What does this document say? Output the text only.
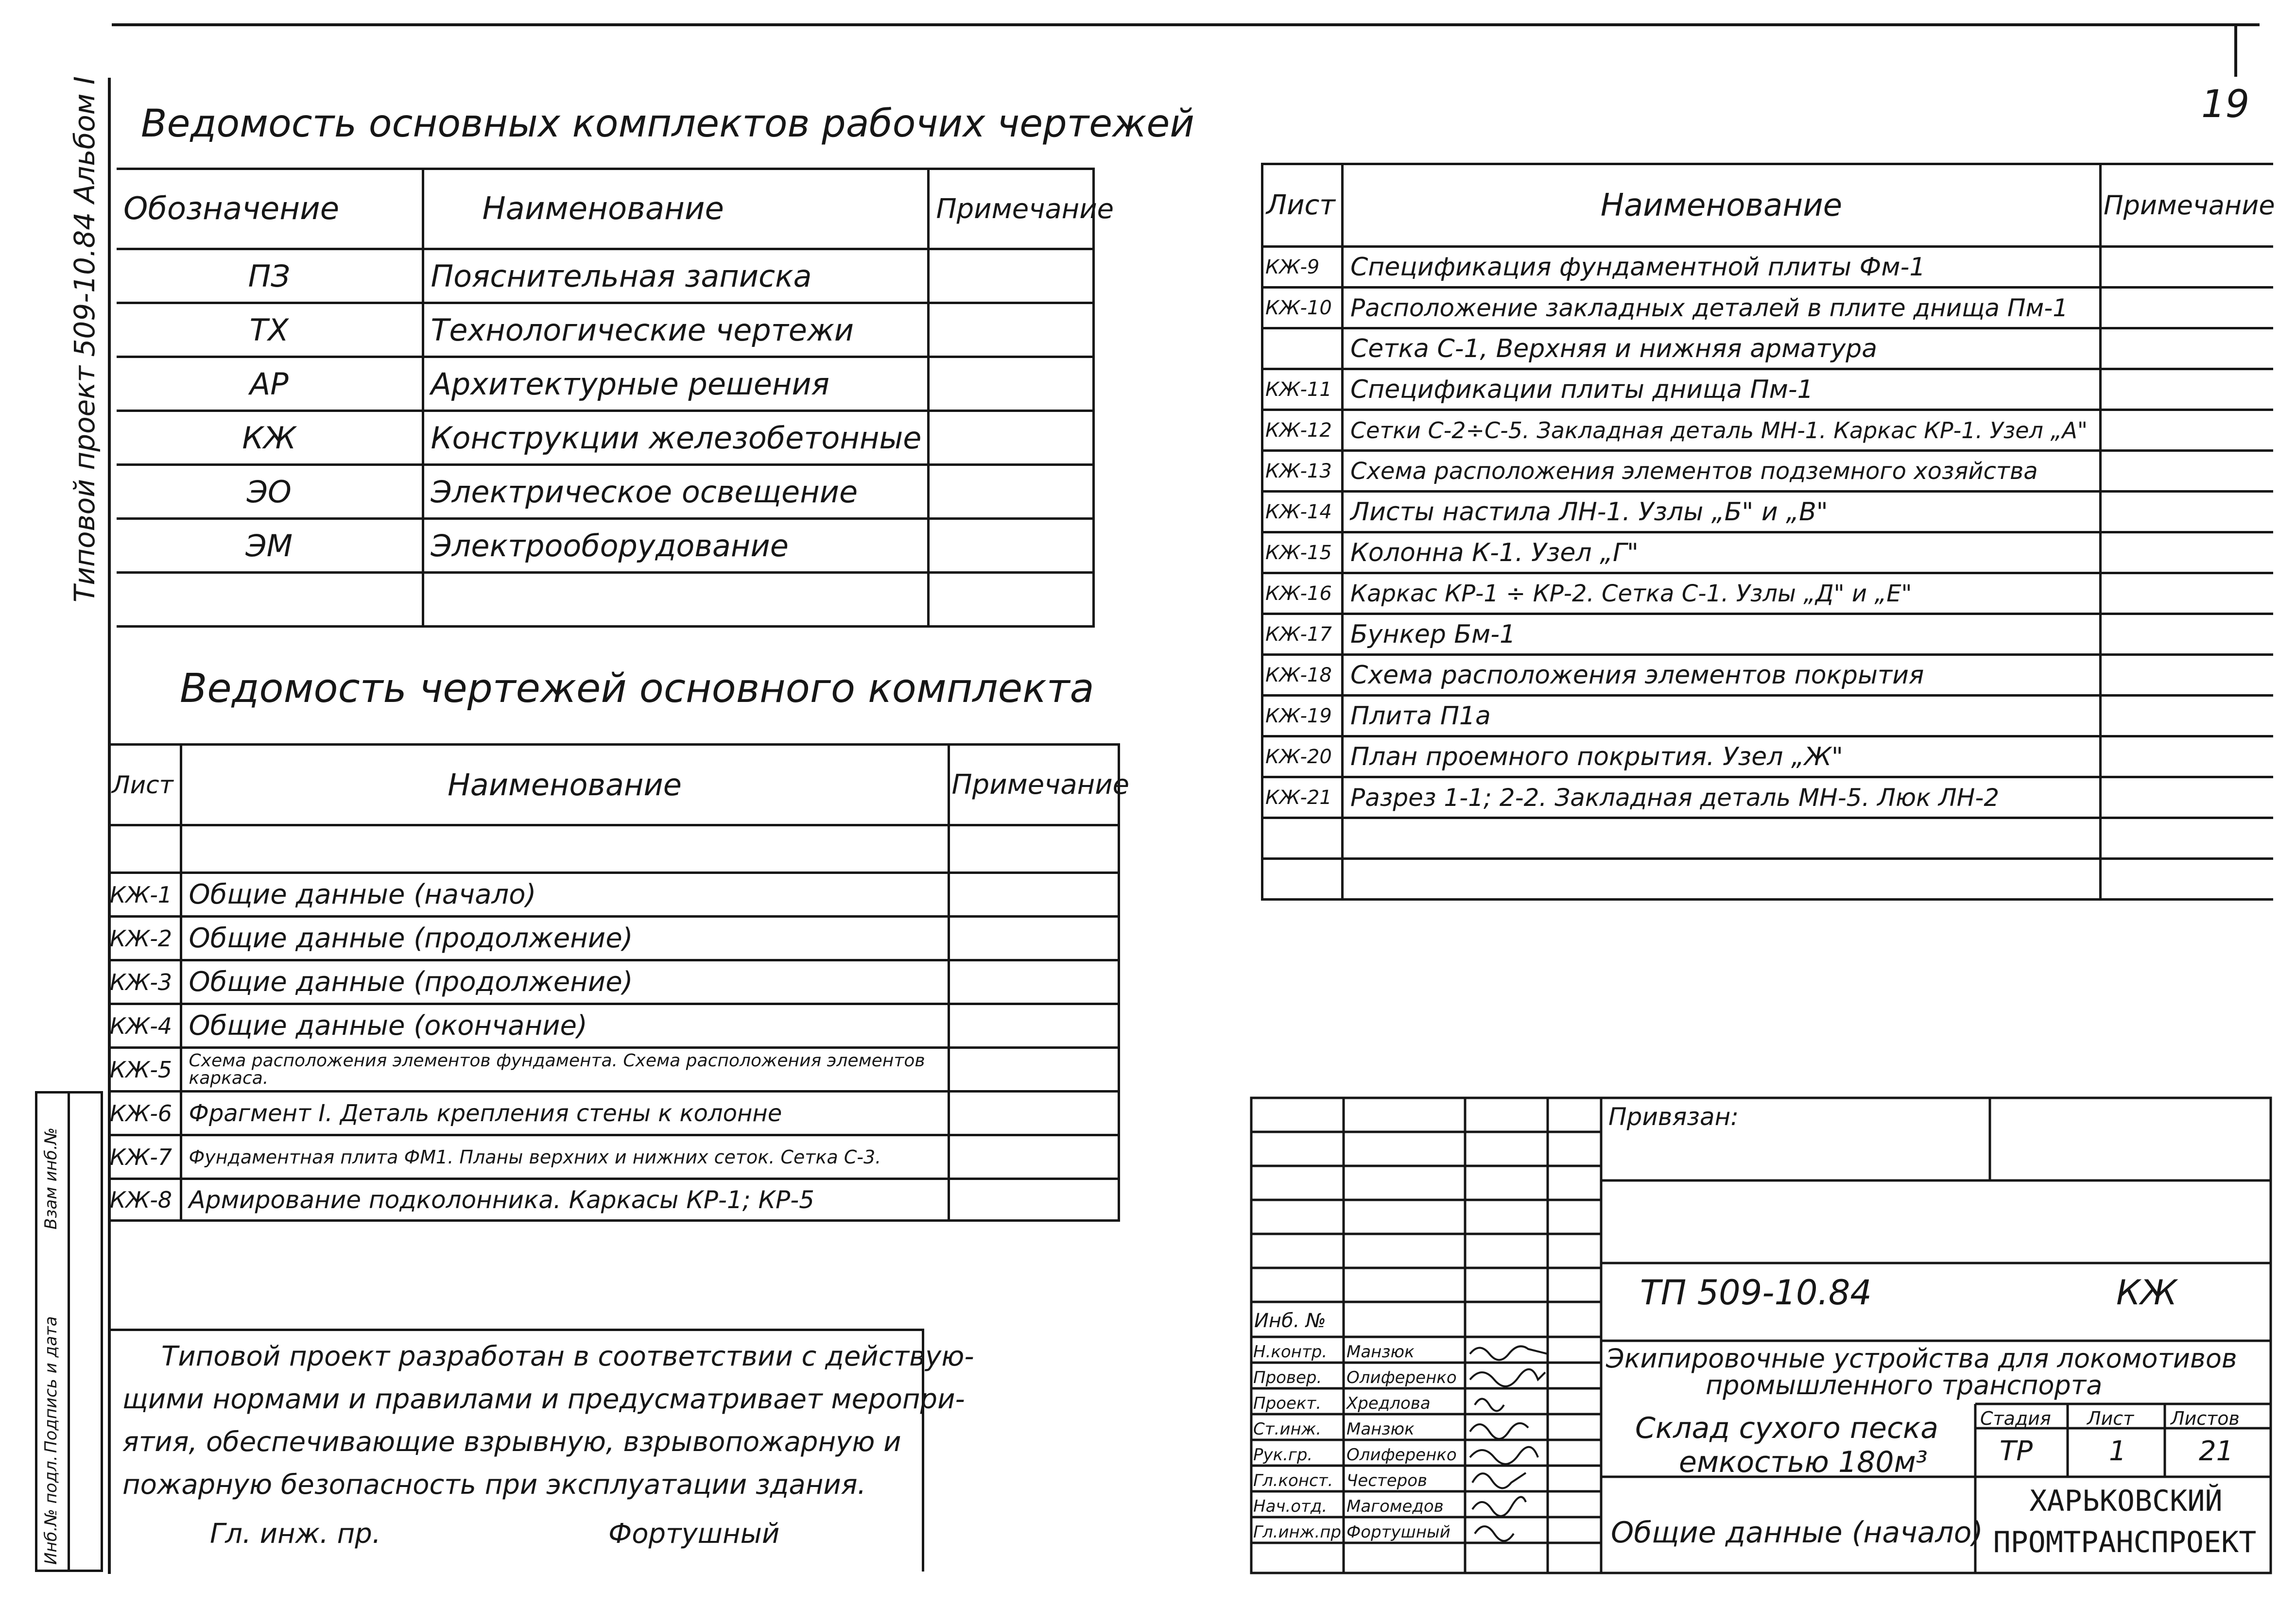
19
Типовой проект 509-10.84 Альбом I
Инб.№ подл.
Подпись и дата
Взам инб.№
Ведомость основных комплектов рабочих чертежей
Обозначение	Наименование	Примечание
ПЗ	Пояснительная записка	
ТХ	Технологические чертежи	
АР	Архитектурные решения	
КЖ	Конструкции железобетонные	
ЭО	Электрическое освещение	
ЭМ	Электрооборудование	

Ведомость чертежей основного комплекта
Лист	Наименование	Примечание

КЖ-1	Общие данные (начало)	
КЖ-2	Общие данные (продолжение)	
КЖ-3	Общие данные (продолжение)	
КЖ-4	Общие данные (окончание)	
КЖ-5	Схема расположения элементов фундамента. Схема расположения элементов каркаса.	
КЖ-6	Фрагмент I. Деталь крепления стены к колонне	
КЖ-7	Фундаментная плита ФМ1. Планы верхних и нижних сеток. Сетка С-3.	
КЖ-8	Армирование подколонника. Каркасы КР-1; КР-5	
Лист	Наименование	Примечание
КЖ-9	Спецификация фундаментной плиты Фм-1	
КЖ-10	Расположение закладных деталей в плите днища Пм-1	
	Сетка С-1, Верхняя и нижняя арматура	
КЖ-11	Спецификации плиты днища Пм-1	
КЖ-12	Сетки С-2÷С-5. Закладная деталь МН-1. Каркас КР-1. Узел „А"	
КЖ-13	Схема расположения элементов подземного хозяйства	
КЖ-14	Листы настила ЛН-1. Узлы „Б" и „В"	
КЖ-15	Колонна К-1. Узел „Г"	
КЖ-16	Каркас КР-1 ÷ КР-2. Сетка С-1. Узлы „Д" и „Е"	
КЖ-17	Бункер Бм-1	
КЖ-18	Схема расположения элементов покрытия	
КЖ-19	Плита П1а	
КЖ-20	План проемного покрытия. Узел „Ж"	
КЖ-21	Разрез 1-1; 2-2. Закладная деталь МН-5. Люк ЛН-2	

Типовой проект разработан в соответствии с действую-
щими нормами и правилами и предусматривает меропри-
ятия, обеспечивающие взрывную, взрывопожарную и
пожарную безопасность при эксплуатации здания.
Гл. инж. пр.	Фортушный
Привязан:
Инб. №
Н.контр. Манзюк
Провер. Олиференко
Проект. Хредлова
Ст.инж. Манзюк
Рук.гр. Олиференко
Гл.конст. Честеров
Нач.отд. Магомедов
Гл.инж.пр. Фортушный
ТП 509-10.84	КЖ
Экипировочные устройства для локомотивов
промышленного транспорта
Склад сухого песка
емкостью 180м³
Стадия Лист Листов
ТР	1	21
Общие данные (начало)
ХАРЬКОВСКИЙ
ПРОМТРАНСПРОЕКТ
